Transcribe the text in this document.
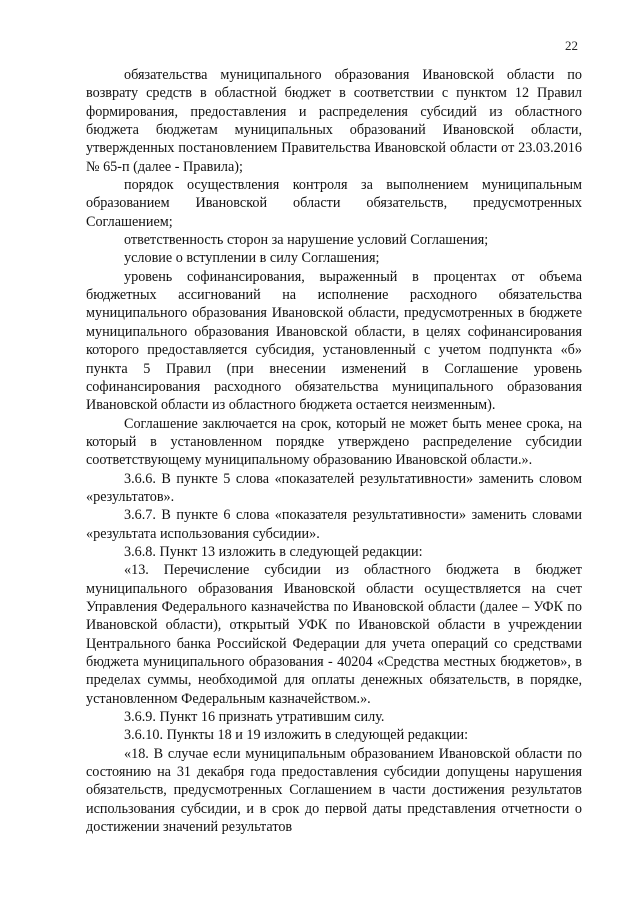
22

обязательства муниципального образования Ивановской области по возврату средств в областной бюджет в соответствии с пунктом 12 Правил формирования, предоставления и распределения субсидий из областного бюджета бюджетам муниципальных образований Ивановской области, утвержденных постановлением Правительства Ивановской области от 23.03.2016 № 65-п (далее - Правила);

порядок осуществления контроля за выполнением муниципальным образованием Ивановской области обязательств, предусмотренных Соглашением;

ответственность сторон за нарушение условий Соглашения;

условие о вступлении в силу Соглашения;

уровень софинансирования, выраженный в процентах от объема бюджетных ассигнований на исполнение расходного обязательства муниципального образования Ивановской области, предусмотренных в бюджете муниципального образования Ивановской области, в целях софинансирования которого предоставляется субсидия, установленный с учетом подпункта «б» пункта 5 Правил (при внесении изменений в Соглашение уровень софинансирования расходного обязательства муниципального образования Ивановской области из областного бюджета остается неизменным).

Соглашение заключается на срок, который не может быть менее срока, на который в установленном порядке утверждено распределение субсидии соответствующему муниципальному образованию Ивановской области.».

3.6.6. В пункте 5 слова «показателей результативности» заменить словом «результатов».

3.6.7. В пункте 6 слова «показателя результативности» заменить словами «результата использования субсидии».

3.6.8. Пункт 13 изложить в следующей редакции:

«13. Перечисление субсидии из областного бюджета в бюджет муниципального образования Ивановской области осуществляется на счет Управления Федерального казначейства по Ивановской области (далее – УФК по Ивановской области), открытый УФК по Ивановской области в учреждении Центрального банка Российской Федерации для учета операций со средствами бюджета муниципального образования - 40204 «Средства местных бюджетов», в пределах суммы, необходимой для оплаты денежных обязательств, в порядке, установленном Федеральным казначейством.».

3.6.9. Пункт 16 признать утратившим силу.

3.6.10. Пункты 18 и 19 изложить в следующей редакции:

«18. В случае если муниципальным образованием Ивановской области по состоянию на 31 декабря года предоставления субсидии допущены нарушения обязательств, предусмотренных Соглашением в части достижения результатов использования субсидии, и в срок до первой даты представления отчетности о достижении значений результатов
